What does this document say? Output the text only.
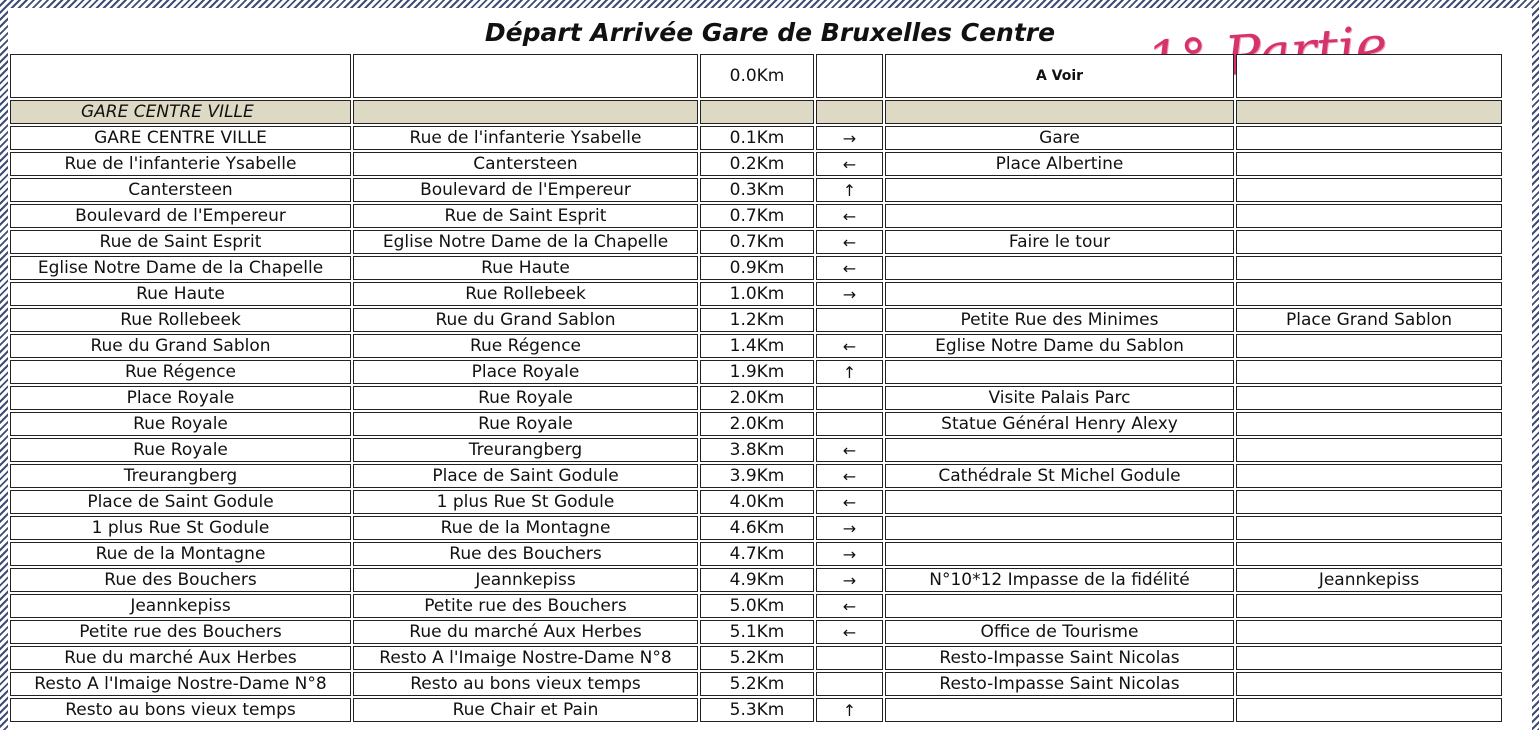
Départ Arrivée Gare de Bruxelles Centre	Partie
		0.0Km		A Voir	
GARE CENTRE VILLE					
GARE CENTRE VILLE	Rue de l'infanterie Ysabelle	0.1Km	→	Gare	
Rue de l'infanterie Ysabelle	Cantersteen	0.2Km	←	Place Albertine	
Cantersteen	Boulevard de l'Empereur	0.3Km	↑		
Boulevard de l'Empereur	Rue de Saint Esprit	0.7Km	←		
Rue de Saint Esprit	Eglise Notre Dame de la Chapelle	0.7Km	←	Faire le tour	
Eglise Notre Dame de la Chapelle	Rue Haute	0.9Km	←		
Rue Haute	Rue Rollebeek	1.0Km	→		
Rue Rollebeek	Rue du Grand Sablon	1.2Km		Petite Rue des Minimes	Place Grand Sablon
Rue du Grand Sablon	Rue Régence	1.4Km	←	Eglise Notre Dame du Sablon	
Rue Régence	Place Royale	1.9Km	↑		
Place Royale	Rue Royale	2.0Km		Visite Palais Parc	
Rue Royale	Rue Royale	2.0Km		Statue Général Henry Alexy	
Rue Royale	Treurangberg	3.8Km	←		
Treurangberg	Place de Saint Godule	3.9Km	←	Cathédrale St Michel Godule	
Place de Saint Godule	1 plus Rue St Godule	4.0Km	←		
1 plus Rue St Godule	Rue de la Montagne	4.6Km	→		
Rue de la Montagne	Rue des Bouchers	4.7Km	→		
Rue des Bouchers	Jeannkepiss	4.9Km	→	N°10*12 Impasse de la fidélité	Jeannkepiss
Jeannkepiss	Petite rue des Bouchers	5.0Km	←		
Petite rue des Bouchers	Rue du marché Aux Herbes	5.1Km	←	Office de Tourisme	
Rue du marché Aux Herbes	Resto A l'Imaige Nostre-Dame N°8	5.2Km		Resto-Impasse Saint Nicolas	
Resto A l'Imaige Nostre-Dame N°8	Resto au bons vieux temps	5.2Km		Resto-Impasse Saint Nicolas	
Resto au bons vieux temps	Rue Chair et Pain	5.3Km	↑		
